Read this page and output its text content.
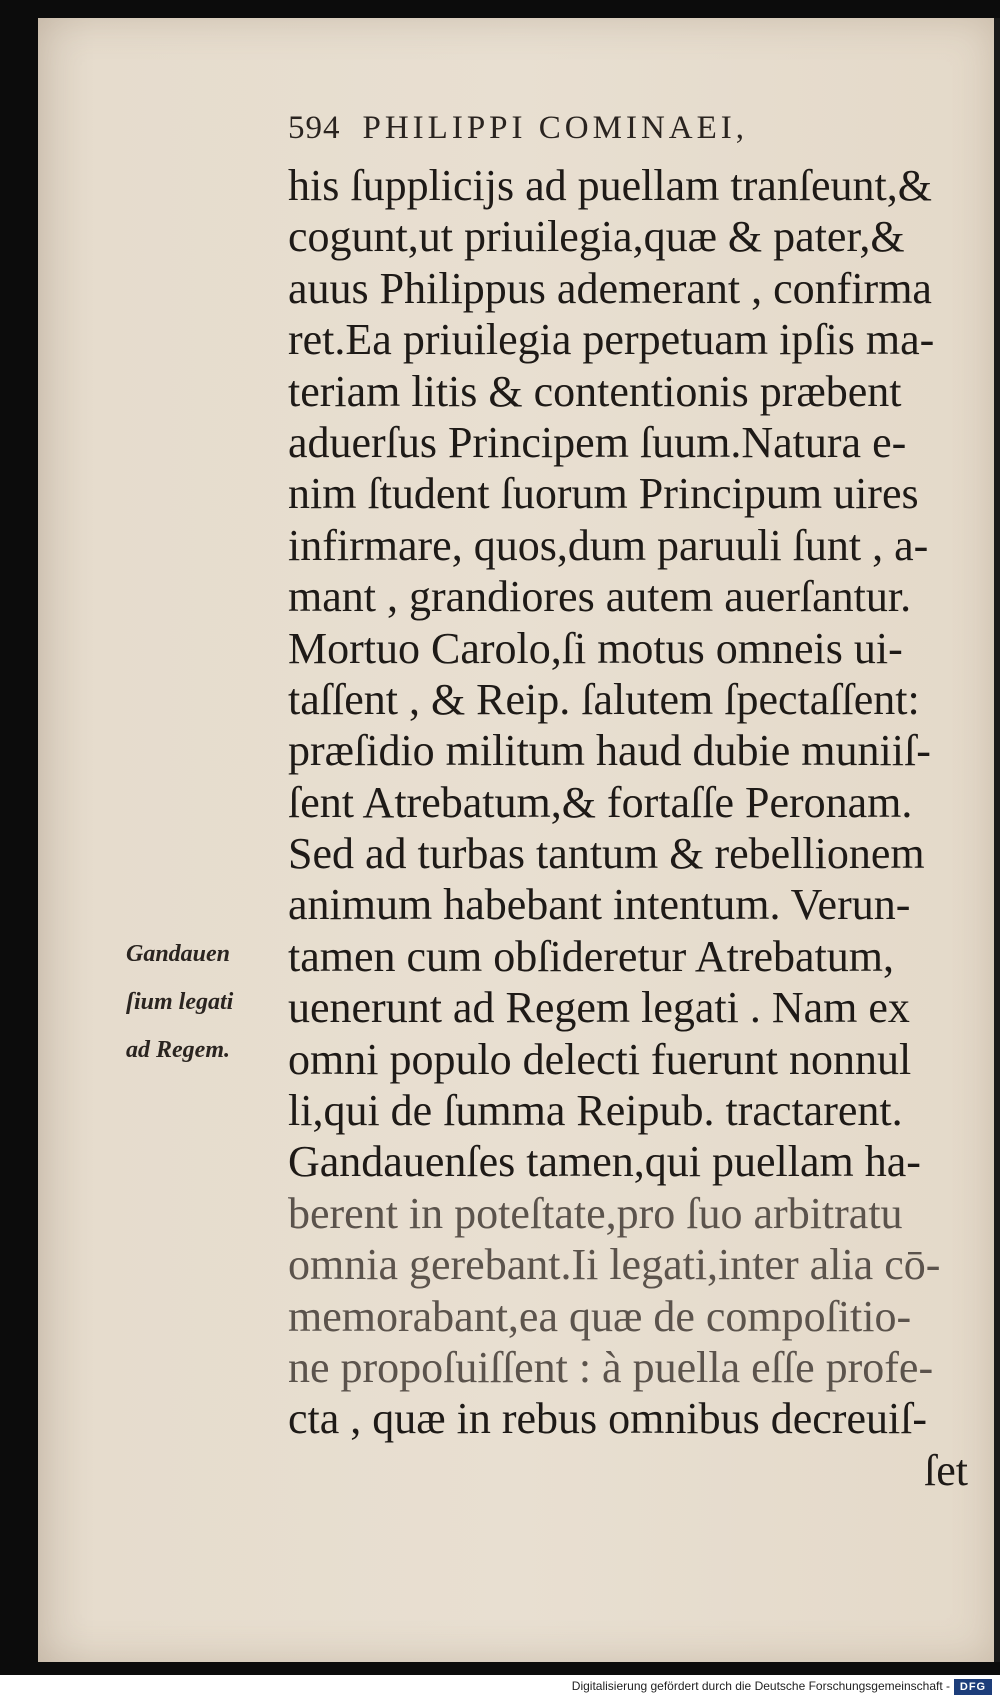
594 PHILIPPI COMINAEI,
his ſupplicijs ad puellam tranſeunt,&
cogunt,ut priuilegia,quæ & pater,&
auus Philippus ademerant , confirma
ret.Ea priuilegia perpetuam ipſis ma-
teriam litis & contentionis præbent
aduerſus Principem ſuum.Natura e-
nim ſtudent ſuorum Principum uires
infirmare, quos,dum paruuli ſunt , a-
mant , grandiores autem auerſantur.
Mortuo Carolo,ſi motus omneis ui-
taſſent , & Reip. ſalutem ſpectaſſent:
præſidio militum haud dubie muniiſ-
ſent Atrebatum,& fortaſſe Peronam.
Sed ad turbas tantum & rebellionem
animum habebant intentum. Verun-
tamen cum obſideretur Atrebatum,
uenerunt ad Regem legati . Nam ex
omni populo delecti fuerunt nonnul
li,qui de ſumma Reipub. tractarent.
Gandauenſes tamen,qui puellam ha-
berent in poteſtate,pro ſuo arbitratu
omnia gerebant.Ii legati,inter alia cō-
memorabant,ea quæ de compoſitio-
ne propoſuiſſent : à puella eſſe profe-
cta , quæ in rebus omnibus decreuiſ-
ſet
Gandauen
ſium legati
ad Regem.
Digitalisierung gefördert durch die Deutsche Forschungsgemeinschaft - DFG
